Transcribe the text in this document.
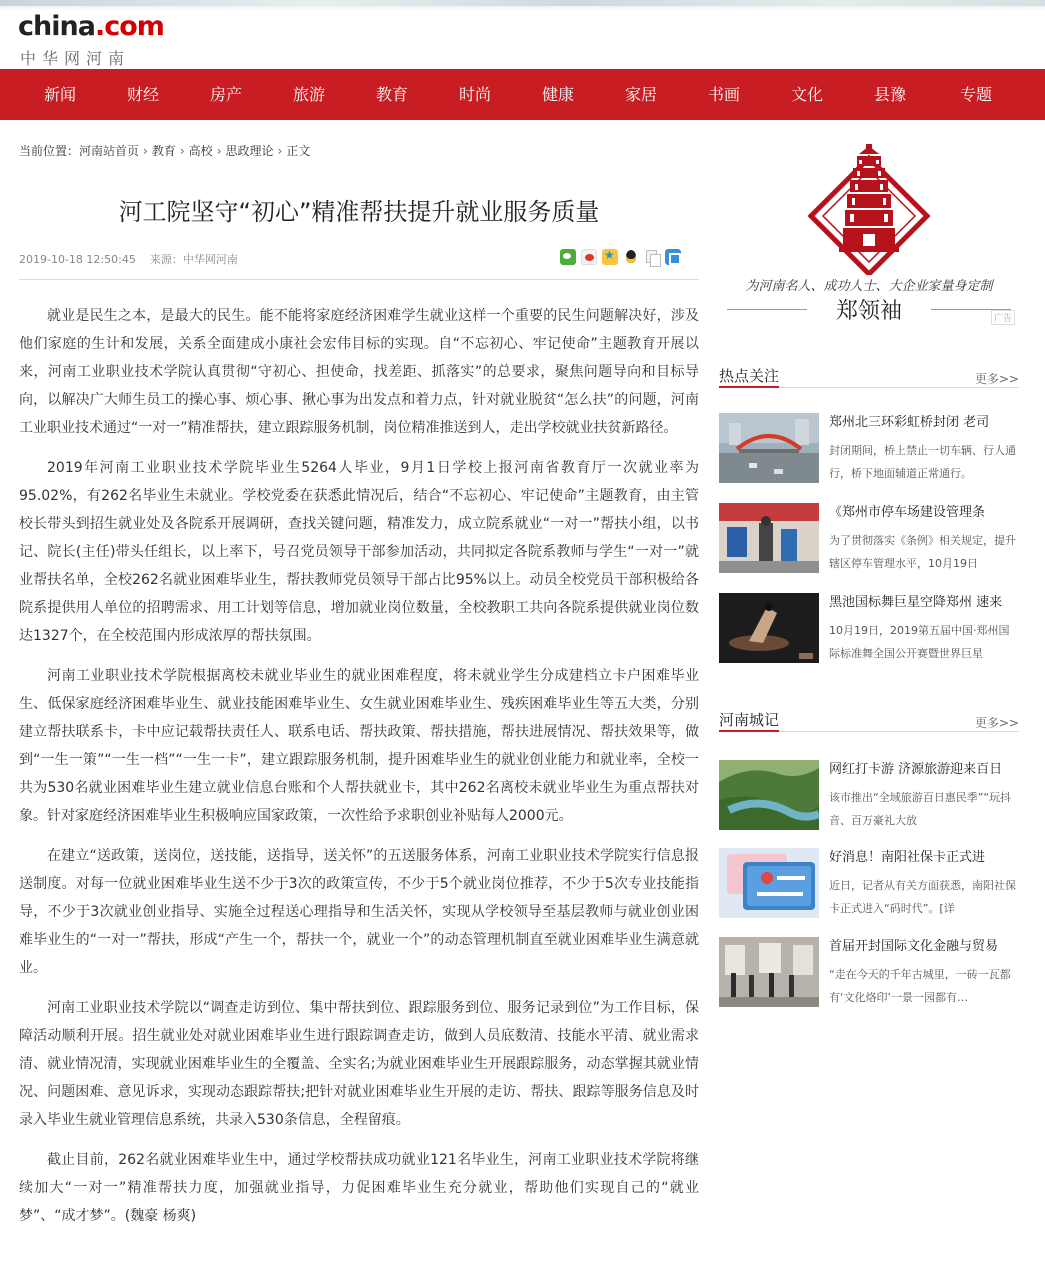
china.com
中华网河南
新闻	财经	房产	旅游	教育	时尚	健康	家居	书画	文化	县豫	专题
当前位置：河南站首页 › 教育 › 高校 › 思政理论 › 正文
河工院坚守“初心”精准帮扶提升就业服务质量
2019-10-18 12:50:45 来源：中华网河南
★

就业是民生之本，是最大的民生。能不能将家庭经济困难学生就业这样一个重要的民生问题解决好，涉及他们家庭的生计和发展，关系全面建成小康社会宏伟目标的实现。自“不忘初心、牢记使命”主题教育开展以来，河南工业职业技术学院认真贯彻“守初心、担使命，找差距、抓落实”的总要求，聚焦问题导向和目标导向，以解决广大师生员工的操心事、烦心事、揪心事为出发点和着力点，针对就业脱贫“怎么扶”的问题，河南工业职业技术通过“一对一”精准帮扶，建立跟踪服务机制，岗位精准推送到人，走出学校就业扶贫新路径。

2019年河南工业职业技术学院毕业生5264人毕业，9月1日学校上报河南省教育厅一次就业率为95.02%，有262名毕业生未就业。学校党委在获悉此情况后，结合“不忘初心、牢记使命”主题教育，由主管校长带头到招生就业处及各院系开展调研，查找关键问题，精准发力，成立院系就业“一对一”帮扶小组，以书记、院长(主任)带头任组长，以上率下，号召党员领导干部参加活动，共同拟定各院系教师与学生“一对一”就业帮扶名单，全校262名就业困难毕业生，帮扶教师党员领导干部占比95%以上。动员全校党员干部积极给各院系提供用人单位的招聘需求、用工计划等信息，增加就业岗位数量，全校教职工共向各院系提供就业岗位数达1327个，在全校范围内形成浓厚的帮扶氛围。

河南工业职业技术学院根据离校未就业毕业生的就业困难程度，将未就业学生分成建档立卡户困难毕业生、低保家庭经济困难毕业生、就业技能困难毕业生、女生就业困难毕业生、残疾困难毕业生等五大类，分别建立帮扶联系卡，卡中应记载帮扶责任人、联系电话、帮扶政策、帮扶措施，帮扶进展情况、帮扶效果等，做到“一生一策”“一生一档”“一生一卡”，建立跟踪服务机制，提升困难毕业生的就业创业能力和就业率，全校一共为530名就业困难毕业生建立就业信息台账和个人帮扶就业卡，其中262名离校未就业毕业生为重点帮扶对象。针对家庭经济困难毕业生积极响应国家政策，一次性给予求职创业补贴每人2000元。

在建立“送政策，送岗位，送技能，送指导，送关怀”的五送服务体系，河南工业职业技术学院实行信息报送制度。对每一位就业困难毕业生送不少于3次的政策宣传，不少于5个就业岗位推荐，不少于5次专业技能指导，不少于3次就业创业指导、实施全过程送心理指导和生活关怀，实现从学校领导至基层教师与就业创业困难毕业生的“一对一”帮扶，形成“产生一个，帮扶一个，就业一个”的动态管理机制直至就业困难毕业生满意就业。

河南工业职业技术学院以“调查走访到位、集中帮扶到位、跟踪服务到位、服务记录到位”为工作目标，保障活动顺利开展。招生就业处对就业困难毕业生进行跟踪调查走访，做到人员底数清、技能水平清、就业需求清、就业情况清，实现就业困难毕业生的全覆盖、全实名;为就业困难毕业生开展跟踪服务，动态掌握其就业情况、问题困难、意见诉求，实现动态跟踪帮扶;把针对就业困难毕业生开展的走访、帮扶、跟踪等服务信息及时录入毕业生就业管理信息系统，共录入530条信息，全程留痕。

截止目前，262名就业困难毕业生中，通过学校帮扶成功就业121名毕业生，河南工业职业技术学院将继续加大“一对一”精准帮扶力度，加强就业指导，力促困难毕业生充分就业，帮助他们实现自己的“就业梦”、“成才梦”。(魏豪 杨爽)

为河南名人、成功人士、大企业家量身定制
郑领袖	广告
热点关注	更多>>
郑州北三环彩虹桥封闭 老司
封闭期间，桥上禁止一切车辆、行人通行，桥下地面辅道正常通行。
《郑州市停车场建设管理条
为了贯彻落实《条例》相关规定，提升辖区停车管理水平，10月19日
黑池国标舞巨星空降郑州 速来
10月19日，2019第五届中国·郑州国际标准舞全国公开赛暨世界巨星
河南城记	更多>>
网红打卡游 济源旅游迎来百日
该市推出“全域旅游百日惠民季”“玩抖音、百万豪礼大放
好消息！南阳社保卡正式进
近日，记者从有关方面获悉，南阳社保卡正式进入“码时代”。[详
首届开封国际文化金融与贸易
“走在今天的千年古城里，一砖一瓦都有‘文化烙印’一景一园都有…
